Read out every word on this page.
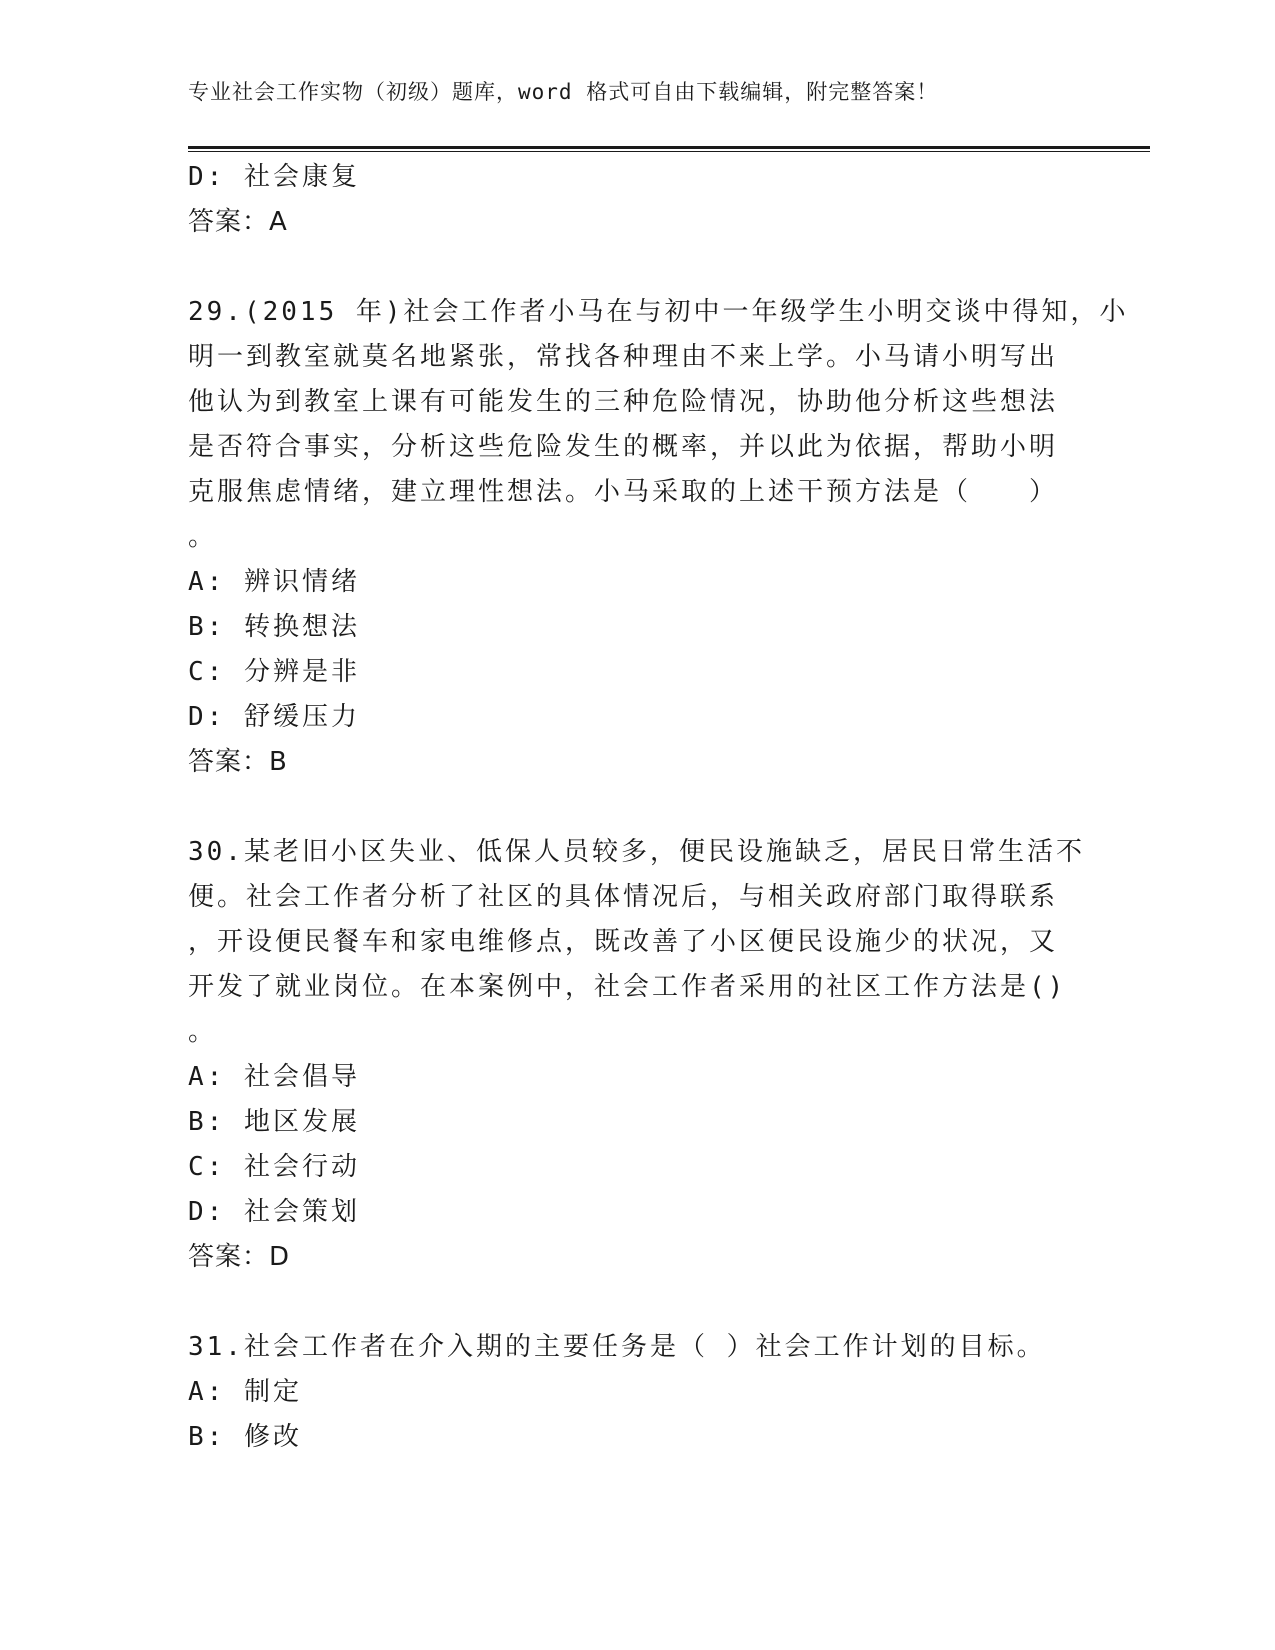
专业社会工作实物（初级）题库，word 格式可自由下载编辑，附完整答案！
D: 社会康复
答案：A
29.(2015 年)社会工作者小马在与初中一年级学生小明交谈中得知，小
明一到教室就莫名地紧张，常找各种理由不来上学。小马请小明写出
他认为到教室上课有可能发生的三种危险情况，协助他分析这些想法
是否符合事实，分析这些危险发生的概率，并以此为依据，帮助小明
克服焦虑情绪，建立理性想法。小马采取的上述干预方法是（　　）
。
A: 辨识情绪
B: 转换想法
C: 分辨是非
D: 舒缓压力
答案：B
30.某老旧小区失业、低保人员较多，便民设施缺乏，居民日常生活不
便。社会工作者分析了社区的具体情况后，与相关政府部门取得联系
，开设便民餐车和家电维修点，既改善了小区便民设施少的状况，又
开发了就业岗位。在本案例中，社会工作者采用的社区工作方法是()
。
A: 社会倡导
B: 地区发展
C: 社会行动
D: 社会策划
答案：D
31.社会工作者在介入期的主要任务是（ ）社会工作计划的目标。
A: 制定
B: 修改
